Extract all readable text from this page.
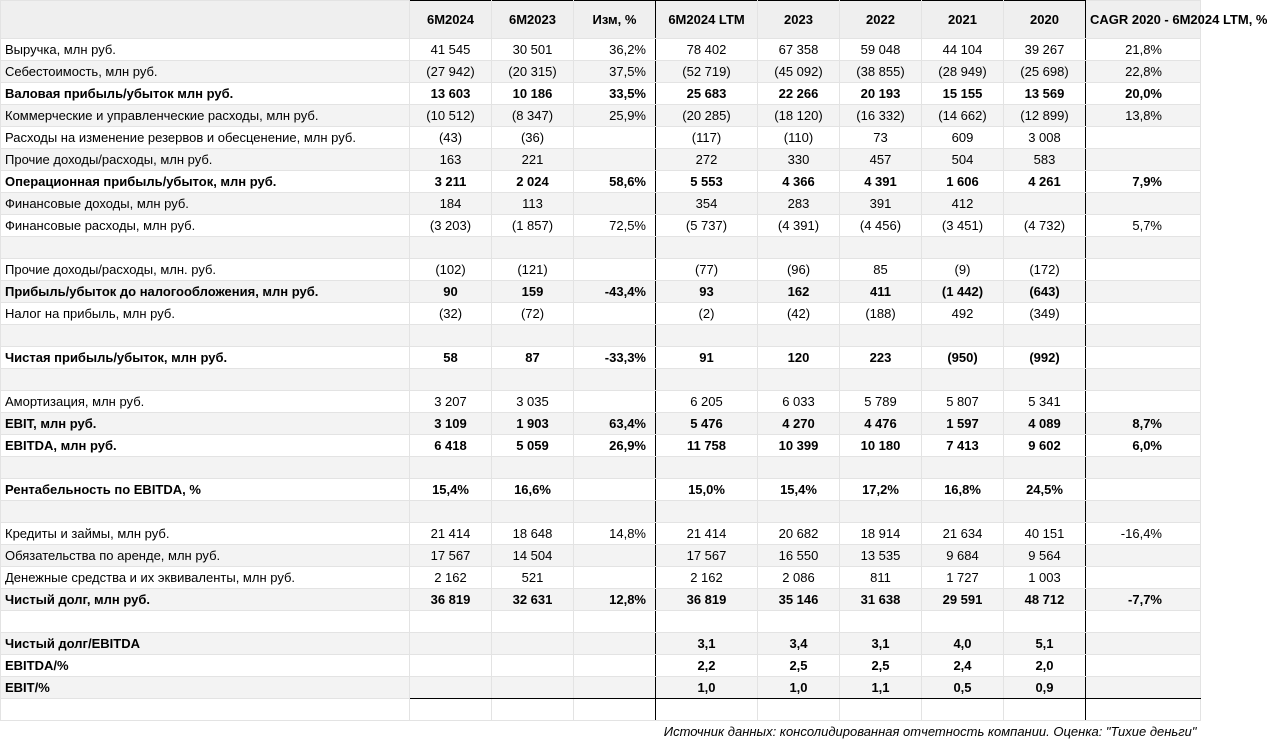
	6M2024	6M2023	Изм, %	6M2024 LTM	2023	2022	2021	2020	CAGR 2020 - 6M2024 LTM, %
Выручка, млн руб.	41 545	30 501	36,2%	78 402	67 358	59 048	44 104	39 267	21,8%
Себестоимость, млн руб.	(27 942)	(20 315)	37,5%	(52 719)	(45 092)	(38 855)	(28 949)	(25 698)	22,8%
Валовая прибыль/убыток млн руб.	13 603	10 186	33,5%	25 683	22 266	20 193	15 155	13 569	20,0%
Коммерческие и управленческие расходы, млн руб.	(10 512)	(8 347)	25,9%	(20 285)	(18 120)	(16 332)	(14 662)	(12 899)	13,8%
Расходы на изменение резервов и обесценение, млн руб.	(43)	(36)		(117)	(110)	73	609	3 008	
Прочие доходы/расходы, млн руб.	163	221		272	330	457	504	583	
Операционная прибыль/убыток, млн руб.	3 211	2 024	58,6%	5 553	4 366	4 391	1 606	4 261	7,9%
Финансовые доходы, млн руб.	184	113		354	283	391	412		
Финансовые расходы, млн руб.	(3 203)	(1 857)	72,5%	(5 737)	(4 391)	(4 456)	(3 451)	(4 732)	5,7%

Прочие доходы/расходы, млн. руб.	(102)	(121)		(77)	(96)	85	(9)	(172)	
Прибыль/убыток до налогообложения, млн руб.	90	159	-43,4%	93	162	411	(1 442)	(643)	
Налог на прибыль, млн руб.	(32)	(72)		(2)	(42)	(188)	492	(349)	

Чистая прибыль/убыток, млн руб.	58	87	-33,3%	91	120	223	(950)	(992)	

Амортизация, млн руб.	3 207	3 035		6 205	6 033	5 789	5 807	5 341	
EBIT, млн руб.	3 109	1 903	63,4%	5 476	4 270	4 476	1 597	4 089	8,7%
EBITDA, млн руб.	6 418	5 059	26,9%	11 758	10 399	10 180	7 413	9 602	6,0%

Рентабельность по EBITDA, %	15,4%	16,6%		15,0%	15,4%	17,2%	16,8%	24,5%	

Кредиты и займы, млн руб.	21 414	18 648	14,8%	21 414	20 682	18 914	21 634	40 151	-16,4%
Обязательства по аренде, млн руб.	17 567	14 504		17 567	16 550	13 535	9 684	9 564	
Денежные средства и их эквиваленты, млн руб.	2 162	521		2 162	2 086	811	1 727	1 003	
Чистый долг, млн руб.	36 819	32 631	12,8%	36 819	35 146	31 638	29 591	48 712	-7,7%

Чистый долг/EBITDA				3,1	3,4	3,1	4,0	5,1	
EBITDA/%				2,2	2,5	2,5	2,4	2,0	
EBIT/%				1,0	1,0	1,1	0,5	0,9	

Источник данных: консолидированная отчетность компании. Оценка: "Тихие деньги"									
